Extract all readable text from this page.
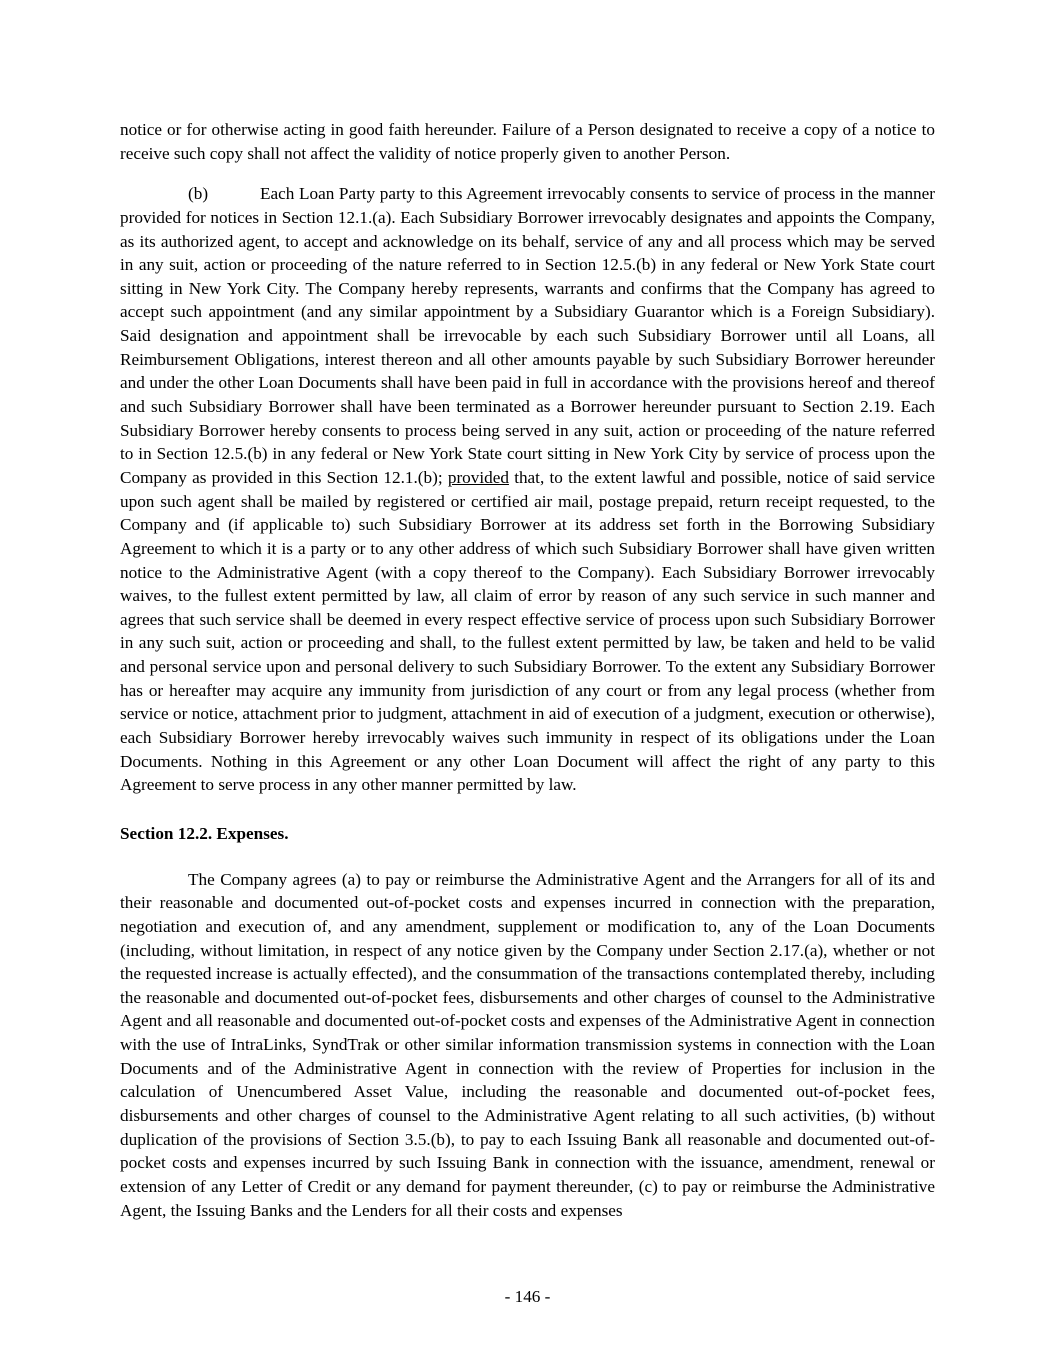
notice or for otherwise acting in good faith hereunder. Failure of a Person designated to receive a copy of a notice to receive such copy shall not affect the validity of notice properly given to another Person.

(b)	Each Loan Party party to this Agreement irrevocably consents to service of process in the manner provided for notices in Section 12.1.(a). Each Subsidiary Borrower irrevocably designates and appoints the Company, as its authorized agent, to accept and acknowledge on its behalf, service of any and all process which may be served in any suit, action or proceeding of the nature referred to in Section 12.5.(b) in any federal or New York State court sitting in New York City. The Company hereby represents, warrants and confirms that the Company has agreed to accept such appointment (and any similar appointment by a Subsidiary Guarantor which is a Foreign Subsidiary). Said designation and appointment shall be irrevocable by each such Subsidiary Borrower until all Loans, all Reimbursement Obligations, interest thereon and all other amounts payable by such Subsidiary Borrower hereunder and under the other Loan Documents shall have been paid in full in accordance with the provisions hereof and thereof and such Subsidiary Borrower shall have been terminated as a Borrower hereunder pursuant to Section 2.19. Each Subsidiary Borrower hereby consents to process being served in any suit, action or proceeding of the nature referred to in Section 12.5.(b) in any federal or New York State court sitting in New York City by service of process upon the Company as provided in this Section 12.1.(b); provided that, to the extent lawful and possible, notice of said service upon such agent shall be mailed by registered or certified air mail, postage prepaid, return receipt requested, to the Company and (if applicable to) such Subsidiary Borrower at its address set forth in the Borrowing Subsidiary Agreement to which it is a party or to any other address of which such Subsidiary Borrower shall have given written notice to the Administrative Agent (with a copy thereof to the Company). Each Subsidiary Borrower irrevocably waives, to the fullest extent permitted by law, all claim of error by reason of any such service in such manner and agrees that such service shall be deemed in every respect effective service of process upon such Subsidiary Borrower in any such suit, action or proceeding and shall, to the fullest extent permitted by law, be taken and held to be valid and personal service upon and personal delivery to such Subsidiary Borrower. To the extent any Subsidiary Borrower has or hereafter may acquire any immunity from jurisdiction of any court or from any legal process (whether from service or notice, attachment prior to judgment, attachment in aid of execution of a judgment, execution or otherwise), each Subsidiary Borrower hereby irrevocably waives such immunity in respect of its obligations under the Loan Documents. Nothing in this Agreement or any other Loan Document will affect the right of any party to this Agreement to serve process in any other manner permitted by law.

Section 12.2. Expenses.

The Company agrees (a) to pay or reimburse the Administrative Agent and the Arrangers for all of its and their reasonable and documented out-of-pocket costs and expenses incurred in connection with the preparation, negotiation and execution of, and any amendment, supplement or modification to, any of the Loan Documents (including, without limitation, in respect of any notice given by the Company under Section 2.17.(a), whether or not the requested increase is actually effected), and the consummation of the transactions contemplated thereby, including the reasonable and documented out-of-pocket fees, disbursements and other charges of counsel to the Administrative Agent and all reasonable and documented out-of-pocket costs and expenses of the Administrative Agent in connection with the use of IntraLinks, SyndTrak or other similar information transmission systems in connection with the Loan Documents and of the Administrative Agent in connection with the review of Properties for inclusion in the calculation of Unencumbered Asset Value, including the reasonable and documented out-of-pocket fees, disbursements and other charges of counsel to the Administrative Agent relating to all such activities, (b) without duplication of the provisions of Section 3.5.(b), to pay to each Issuing Bank all reasonable and documented out-of-pocket costs and expenses incurred by such Issuing Bank in connection with the issuance, amendment, renewal or extension of any Letter of Credit or any demand for payment thereunder, (c) to pay or reimburse the Administrative Agent, the Issuing Banks and the Lenders for all their costs and expenses

- 146 -
